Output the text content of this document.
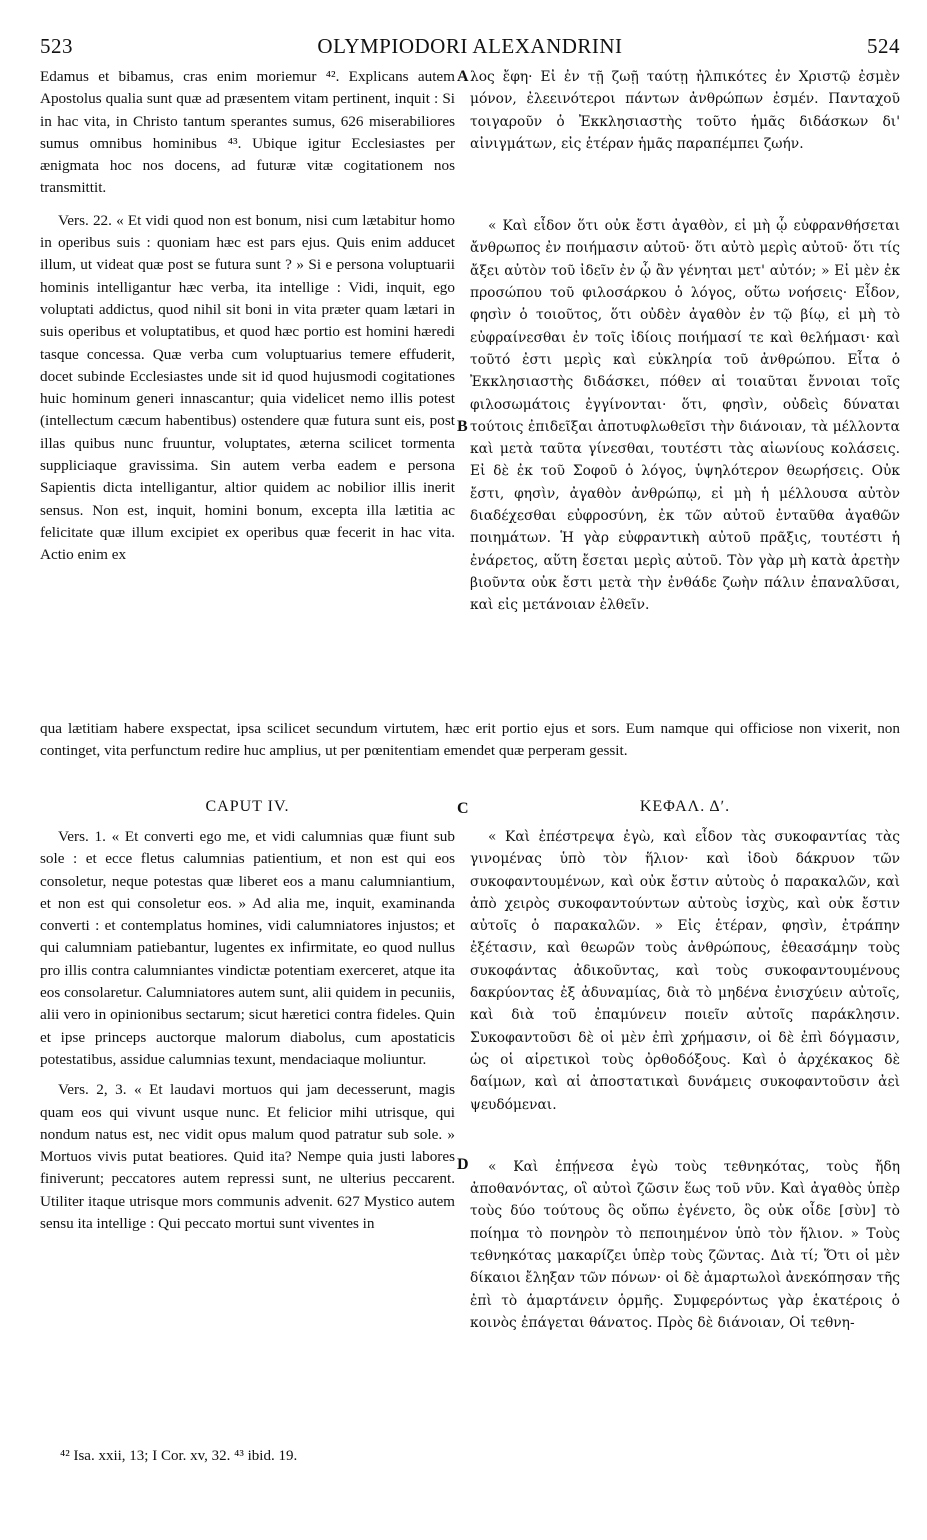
523	OLYMPIODORI ALEXANDRINI	524

Edamus et bibamus, cras enim moriemur ⁴². Explicans autem Apostolus qualia sunt quæ ad præsentem vitam pertinent, inquit : Si in hac vita, in Christo tantum sperantes sumus, 626 miserabiliores sumus omnibus hominibus ⁴³. Ubique igitur Ecclesiastes per ænigmata hoc nos docens, ad futuræ vitæ cogitationem nos transmittit.

Vers. 22. « Et vidi quod non est bonum, nisi cum lætabitur homo in operibus suis : quoniam hæc est pars ejus. Quis enim adducet illum, ut videat quæ post se futura sunt ? » Si e persona voluptuarii hominis intelligantur hæc verba, ita intellige : Vidi, inquit, ego voluptati addictus, quod nihil sit boni in vita præter quam lætari in suis operibus et voluptatibus, et quod hæc portio est homini hæredi tasque concessa. Quæ verba cum voluptuarius temere effuderit, docet subinde Ecclesiastes unde sit id quod hujusmodi cogitationes huic hominum generi innascantur; quia videlicet nemo illis potest (intellectum cæcum habentibus) ostendere quæ futura sunt eis, post illas quibus nunc fruuntur, voluptates, æterna scilicet tormenta suppliciaque gravissima. Sin autem verba eadem e persona Sapientis dicta intelligantur, altior quidem ac nobilior illis inerit sensus. Non est, inquit, homini bonum, excepta illa lætitia ac felicitate quæ illum excipiet ex operibus quæ fecerit in hac vita. Actio enim ex

λος ἔφη· Εἰ ἐν τῇ ζωῇ ταύτῃ ἠλπικότες ἐν Χριστῷ ἐσμὲν μόνον, ἐλεεινότεροι πάντων ἀνθρώπων ἐσμέν. Πανταχοῦ τοιγαροῦν ὁ Ἐκκλησιαστὴς τοῦτο ἡμᾶς διδάσκων δι' αἰνιγμάτων, εἰς ἑτέραν ἡμᾶς παραπέμπει ζωήν.

« Καὶ εἶδον ὅτι οὐκ ἔστι ἀγαθὸν, εἰ μὴ ᾧ εὐφρανθήσεται ἄνθρωπος ἐν ποιήμασιν αὐτοῦ· ὅτι αὐτὸ μερὶς αὐτοῦ· ὅτι τίς ἄξει αὐτὸν τοῦ ἰδεῖν ἐν ᾧ ἂν γένηται μετ' αὐτόν; » Εἰ μὲν ἐκ προσώπου τοῦ φιλοσάρκου ὁ λόγος, οὕτω νοήσεις· Εἶδον, φησὶν ὁ τοιοῦτος, ὅτι οὐδὲν ἀγαθὸν ἐν τῷ βίῳ, εἰ μὴ τὸ εὐφραίνεσθαι ἐν τοῖς ἰδίοις ποιήμασί τε καὶ θελήμασι· καὶ τοῦτό ἐστι μερὶς καὶ εὐκληρία τοῦ ἀνθρώπου. Εἶτα ὁ Ἐκκλησιαστὴς διδάσκει, πόθεν αἱ τοιαῦται ἔννοιαι τοῖς φιλοσωμάτοις ἐγγίνονται· ὅτι, φησὶν, οὐδεὶς δύναται τούτοις ἐπιδεῖξαι ἀποτυφλωθεῖσι τὴν διάνοιαν, τὰ μέλλοντα καὶ μετὰ ταῦτα γίνεσθαι, τουτέστι τὰς αἰωνίους κολάσεις. Εἰ δὲ ἐκ τοῦ Σοφοῦ ὁ λόγος, ὑψηλότερον θεωρήσεις. Οὐκ ἔστι, φησὶν, ἀγαθὸν ἀνθρώπῳ, εἰ μὴ ἡ μέλλουσα αὐτὸν διαδέχεσθαι εὐφροσύνη, ἐκ τῶν αὐτοῦ ἐνταῦθα ἀγαθῶν ποιημάτων. Ἡ γὰρ εὐφραντικὴ αὐτοῦ πρᾶξις, τουτέστι ἡ ἐνάρετος, αὕτη ἔσεται μερὶς αὐτοῦ. Τὸν γὰρ μὴ κατὰ ἀρετὴν βιοῦντα οὐκ ἔστι μετὰ τὴν ἐνθάδε ζωὴν πάλιν ἐπαναλῦσαι, καὶ εἰς μετάνοιαν ἐλθεῖν.

A
B

qua lætitiam habere exspectat, ipsa scilicet secundum virtutem, hæc erit portio ejus et sors. Eum namque qui officiose non vixerit, non continget, vita perfunctum redire huc amplius, ut per pœnitentiam emendet quæ perperam gessit.

CAPUT IV.	ΚΕΦΑΛ. Δʹ.

C

Vers. 1. « Et converti ego me, et vidi calumnias quæ fiunt sub sole : et ecce fletus calumnias patientium, et non est qui eos consoletur, neque potestas quæ liberet eos a manu calumniantium, et non est qui consoletur eos. » Ad alia me, inquit, examinanda converti : et contemplatus homines, vidi calumniatores injustos; et qui calumniam patiebantur, lugentes ex infirmitate, eo quod nullus pro illis contra calumniantes vindictæ potentiam exerceret, atque ita eos consolaretur. Calumniatores autem sunt, alii quidem in pecuniis, alii vero in opinionibus sectarum; sicut hæretici contra fideles. Quin et ipse princeps auctorque malorum diabolus, cum apostaticis potestatibus, assidue calumnias texunt, mendaciaque moliuntur.

Vers. 2, 3. « Et laudavi mortuos qui jam decesserunt, magis quam eos qui vivunt usque nunc. Et felicior mihi utrisque, qui nondum natus est, nec vidit opus malum quod patratur sub sole. » Mortuos vivis putat beatiores. Quid ita? Nempe quia justi labores finiverunt; peccatores autem repressi sunt, ne ulterius peccarent. Utiliter itaque utrisque mors communis advenit. 627 Mystico autem sensu ita intellige : Qui peccato mortui sunt viventes in

« Καὶ ἐπέστρεψα ἐγὼ, καὶ εἶδον τὰς συκοφαντίας τὰς γινομένας ὑπὸ τὸν ἥλιον· καὶ ἰδοὺ δάκρυον τῶν συκοφαντουμένων, καὶ οὐκ ἔστιν αὐτοὺς ὁ παρακαλῶν, καὶ ἀπὸ χειρὸς συκοφαντούντων αὐτοὺς ἰσχὺς, καὶ οὐκ ἔστιν αὐτοῖς ὁ παρακαλῶν. » Εἰς ἑτέραν, φησὶν, ἐτράπην ἐξέτασιν, καὶ θεωρῶν τοὺς ἀνθρώπους, ἐθεασάμην τοὺς συκοφάντας ἀδικοῦντας, καὶ τοὺς συκοφαντουμένους δακρύοντας ἐξ ἀδυναμίας, διὰ τὸ μηδένα ἐνισχύειν αὐτοῖς, καὶ διὰ τοῦ ἐπαμύνειν ποιεῖν αὐτοῖς παράκλησιν. Συκοφαντοῦσι δὲ οἱ μὲν ἐπὶ χρήμασιν, οἱ δὲ ἐπὶ δόγμασιν, ὡς οἱ αἱρετικοὶ τοὺς ὀρθοδόξους. Καὶ ὁ ἀρχέκακος δὲ δαίμων, καὶ αἱ ἀποστατικαὶ δυνάμεις συκοφαντοῦσιν ἀεὶ ψευδόμεναι.

« Καὶ ἐπῄνεσα ἐγὼ τοὺς τεθνηκότας, τοὺς ἤδη ἀποθανόντας, οἳ αὐτοὶ ζῶσιν ἕως τοῦ νῦν. Καὶ ἀγαθὸς ὑπὲρ τοὺς δύο τούτους ὃς οὔπω ἐγένετο, ὃς οὐκ οἶδε [σὺν] τὸ ποίημα τὸ πονηρὸν τὸ πεποιημένον ὑπὸ τὸν ἥλιον. » Τοὺς τεθνηκότας μακαρίζει ὑπὲρ τοὺς ζῶντας. Διὰ τί; Ὅτι οἱ μὲν δίκαιοι ἔληξαν τῶν πόνων· οἱ δὲ ἁμαρτωλοὶ ἀνεκόπησαν τῆς ἐπὶ τὸ ἁμαρτάνειν ὁρμῆς. Συμφερόντως γὰρ ἑκατέροις ὁ κοινὸς ἐπάγεται θάνατος. Πρὸς δὲ διάνοιαν, Οἱ τεθνη-

D
⁴² Isa. xxii, 13; I Cor. xv, 32. ⁴³ ibid. 19.
